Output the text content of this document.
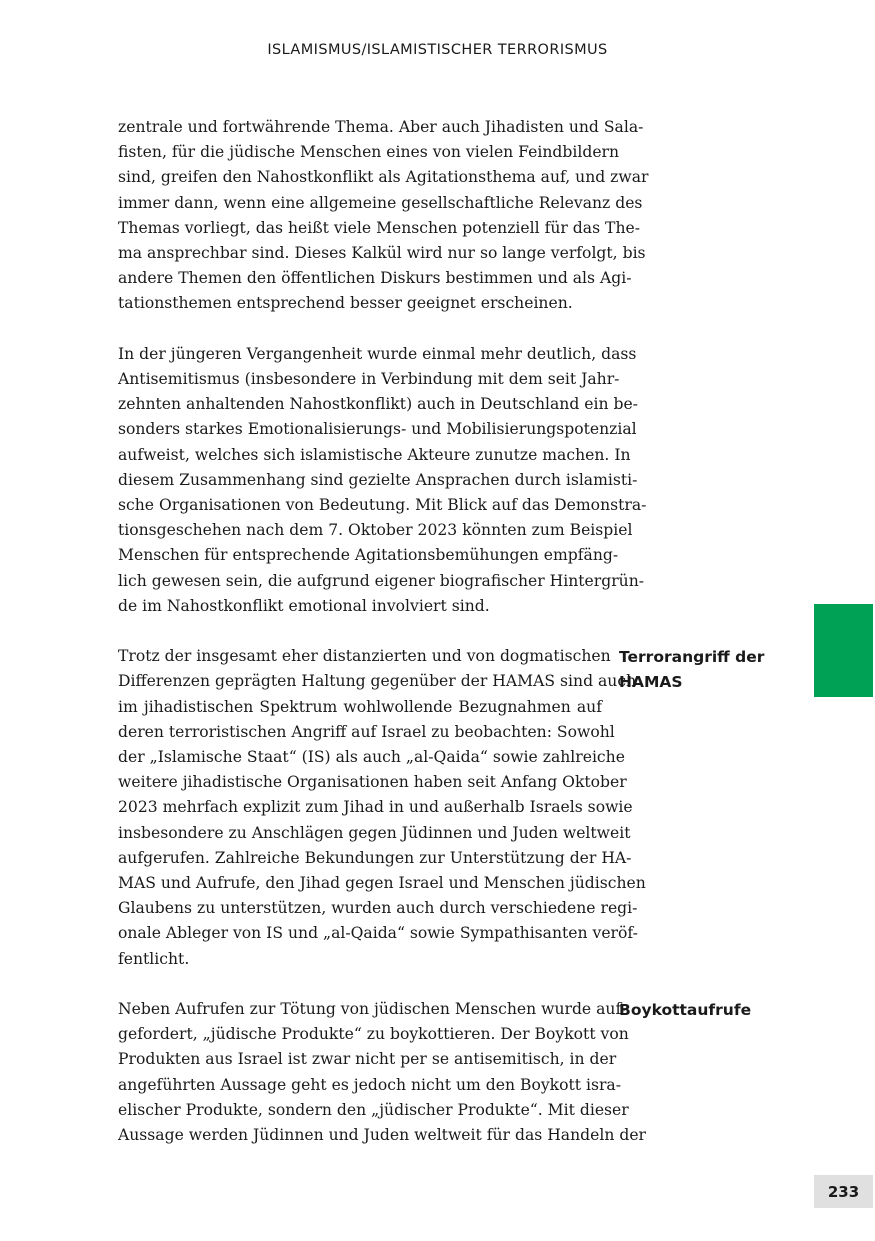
ISLAMISMUS/ISLAMISTISCHER TERRORISMUS

zentrale und fortwährende Thema. Aber auch Jihadisten und Sala-
fisten, für die jüdische Menschen eines von vielen Feindbildern
sind, greifen den Nahostkonflikt als Agitationsthema auf, und zwar
immer dann, wenn eine allgemeine gesellschaftliche Relevanz des
Themas vorliegt, das heißt viele Menschen potenziell für das The-
ma ansprechbar sind. Dieses Kalkül wird nur so lange verfolgt, bis
andere Themen den öffentlichen Diskurs bestimmen und als Agi-
tationsthemen entsprechend besser geeignet erscheinen.

In der jüngeren Vergangenheit wurde einmal mehr deutlich, dass
Antisemitismus (insbesondere in Verbindung mit dem seit Jahr-
zehnten anhaltenden Nahostkonflikt) auch in Deutschland ein be-
sonders starkes Emotionalisierungs- und Mobilisierungspotenzial
aufweist, welches sich islamistische Akteure zunutze machen. In
diesem Zusammenhang sind gezielte Ansprachen durch islamisti-
sche Organisationen von Bedeutung. Mit Blick auf das Demonstra-
tionsgeschehen nach dem 7. Oktober 2023 könnten zum Beispiel
Menschen für entsprechende Agitationsbemühungen empfäng-
lich gewesen sein, die aufgrund eigener biografischer Hintergrün-
de im Nahostkonflikt emotional involviert sind.

Trotz der insgesamt eher distanzierten und von dogmatischen
Differenzen geprägten Haltung gegenüber der HAMAS sind auch
im jihadistischen Spektrum wohlwollende Bezugnahmen auf
deren terroristischen Angriff auf Israel zu beobachten: Sowohl
der „Islamische Staat“ (IS) als auch „al-Qaida“ sowie zahlreiche
weitere jihadistische Organisationen haben seit Anfang Oktober
2023 mehrfach explizit zum Jihad in und außerhalb Israels sowie
insbesondere zu Anschlägen gegen Jüdinnen und Juden weltweit
aufgerufen. Zahlreiche Bekundungen zur Unterstützung der HA-
MAS und Aufrufe, den Jihad gegen Israel und Menschen jüdischen
Glaubens zu unterstützen, wurden auch durch verschiedene regi-
onale Ableger von IS und „al-Qaida“ sowie Sympathisanten veröf-
fentlicht.

Neben Aufrufen zur Tötung von jüdischen Menschen wurde auf-
gefordert, „jüdische Produkte“ zu boykottieren. Der Boykott von
Produkten aus Israel ist zwar nicht per se antisemitisch, in der
angeführten Aussage geht es jedoch nicht um den Boykott isra-
elischer Produkte, sondern den „jüdischer Produkte“. Mit dieser
Aussage werden Jüdinnen und Juden weltweit für das Handeln der

Terrorangriff der
HAMAS
Boykottaufrufe
233
